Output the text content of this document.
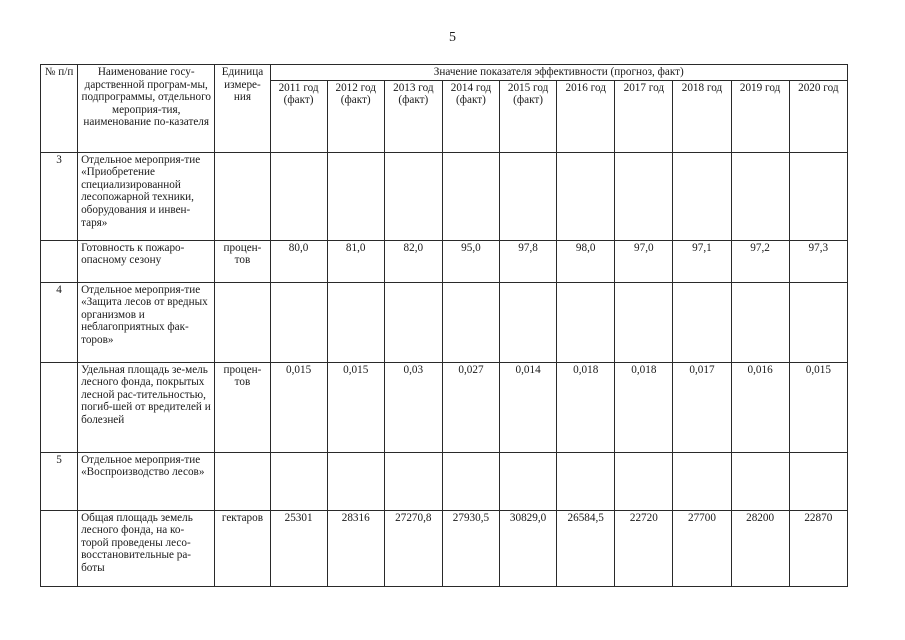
5
№ п/п	Наименование госу-дарственной програм-мы, подпрограммы, отдельного мероприя-тия, наименование по-казателя	Единица измере-ния	Значение показателя эффективности (прогноз, факт)									
			2011 год (факт)	2012 год (факт)	2013 год (факт)	2014 год (факт)	2015 год (факт)	2016 год	2017 год	2018 год	2019 год	2020 год
3	Отдельное мероприя-тие «Приобретение специализированной лесопожарной техники, оборудования и инвен-таря»											
	Готовность к пожаро-опасному сезону	процен-тов	80,0	81,0	82,0	95,0	97,8	98,0	97,0	97,1	97,2	97,3
4	Отдельное мероприя-тие «Защита лесов от вредных организмов и неблагоприятных фак-торов»											
	Удельная площадь зе-мель лесного фонда, покрытых лесной рас-тительностью, погиб-шей от вредителей и болезней	процен-тов	0,015	0,015	0,03	0,027	0,014	0,018	0,018	0,017	0,016	0,015
5	Отдельное мероприя-тие «Воспроизводство лесов»											
	Общая площадь земель лесного фонда, на ко-торой проведены лесо-восстановительные ра-боты	гектаров	25301	28316	27270,8	27930,5	30829,0	26584,5	22720	27700	28200	22870
